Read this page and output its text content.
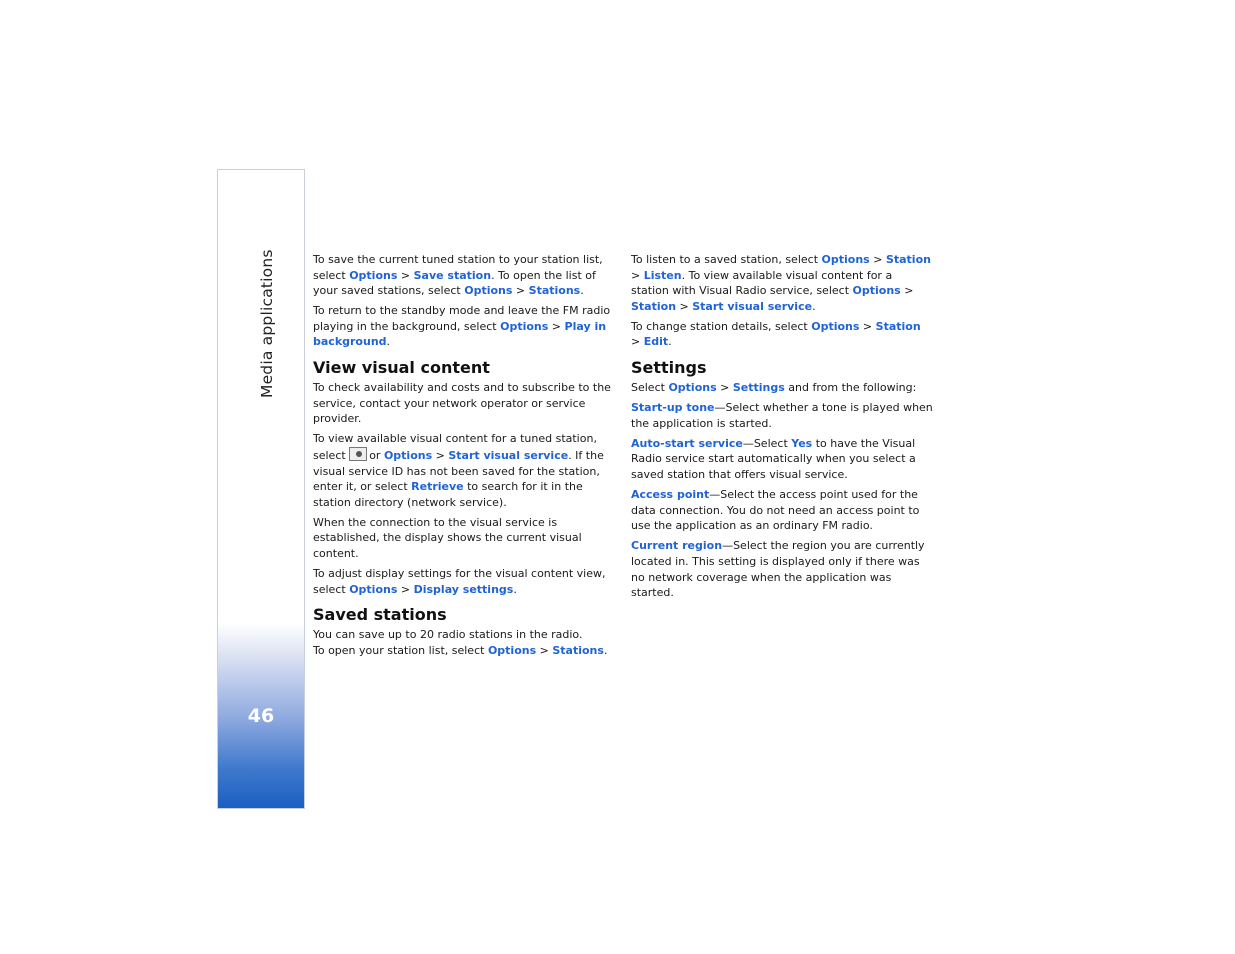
Media applications
46

To save the current tuned station to your station list, select Options > Save station. To open the list of your saved stations, select Options > Stations.

To return to the standby mode and leave the FM radio playing in the background, select Options > Play in background.

View visual content

To check availability and costs and to subscribe to the service, contact your network operator or service provider.

To view available visual content for a tuned station, select or Options > Start visual service. If the visual service ID has not been saved for the station, enter it, or select Retrieve to search for it in the station directory (network service).

When the connection to the visual service is established, the display shows the current visual content.

To adjust display settings for the visual content view, select Options > Display settings.

Saved stations

You can save up to 20 radio stations in the radio.
To open your station list, select Options > Stations.

To listen to a saved station, select Options > Station > Listen. To view available visual content for a station with Visual Radio service, select Options > Station > Start visual service.

To change station details, select Options > Station > Edit.

Settings

Select Options > Settings and from the following:

Start-up tone—Select whether a tone is played when the application is started.

Auto-start service—Select Yes to have the Visual Radio service start automatically when you select a saved station that offers visual service.

Access point—Select the access point used for the data connection. You do not need an access point to use the application as an ordinary FM radio.

Current region—Select the region you are currently located in. This setting is displayed only if there was no network coverage when the application was started.
